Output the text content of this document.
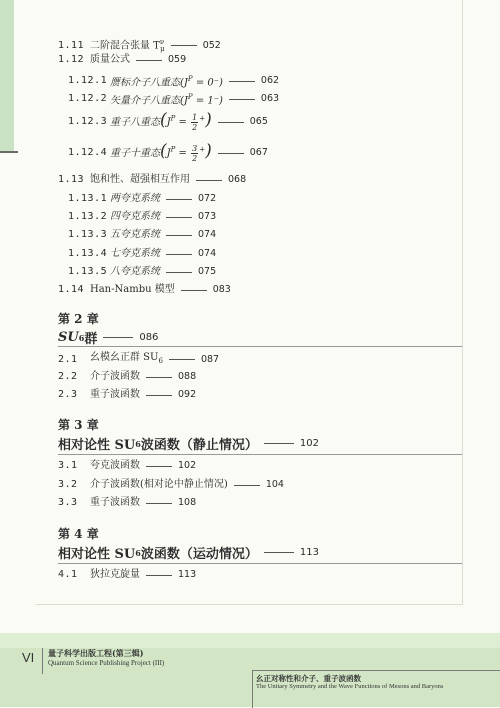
1.11 二阶混合张量 $T^\nu_\mu$	052
1.12 质量公式	059
1.12.1 赝标介子八重态$(J^P = 0^-)$	062
1.12.2 矢量介子八重态$(J^P = 1^-)$	063
1.12.3 重子八重态$(J^P = \frac{1}{2} ^+)$	065
1.12.4 重子十重态$(J^P = \frac{3}{2} ^+)$	067
1.13 饱和性、超强相互作用	068
1.13.1 两夸克系统	072
1.13.2 四夸克系统	073
1.13.3 五夸克系统	074
1.13.4 七夸克系统	074
1.13.5 八夸克系统	075
1.14 Han-Nambu 模型	083
第 2 章
SU 6 群	086
2.1	幺模幺正群 $SU_6$	087
2.2	介子波函数	088
2.3	重子波函数	092
第 3 章
相对论性 SU 6 波函数（静止情况）	102
3.1	夸克波函数	102
3.2	介子波函数(相对论中静止情况)	104
3.3	重子波函数	108
第 4 章
相对论性 SU 6 波函数（运动情况）	113
4.1	狄拉克旋量	113
VI 量子科学出版工程(第三辑)
Quantum Science Publishing Project (III)
幺正对称性和介子、重子波函数
The Unitary Symmetry and the Wave Functions of Mesons and Baryons
